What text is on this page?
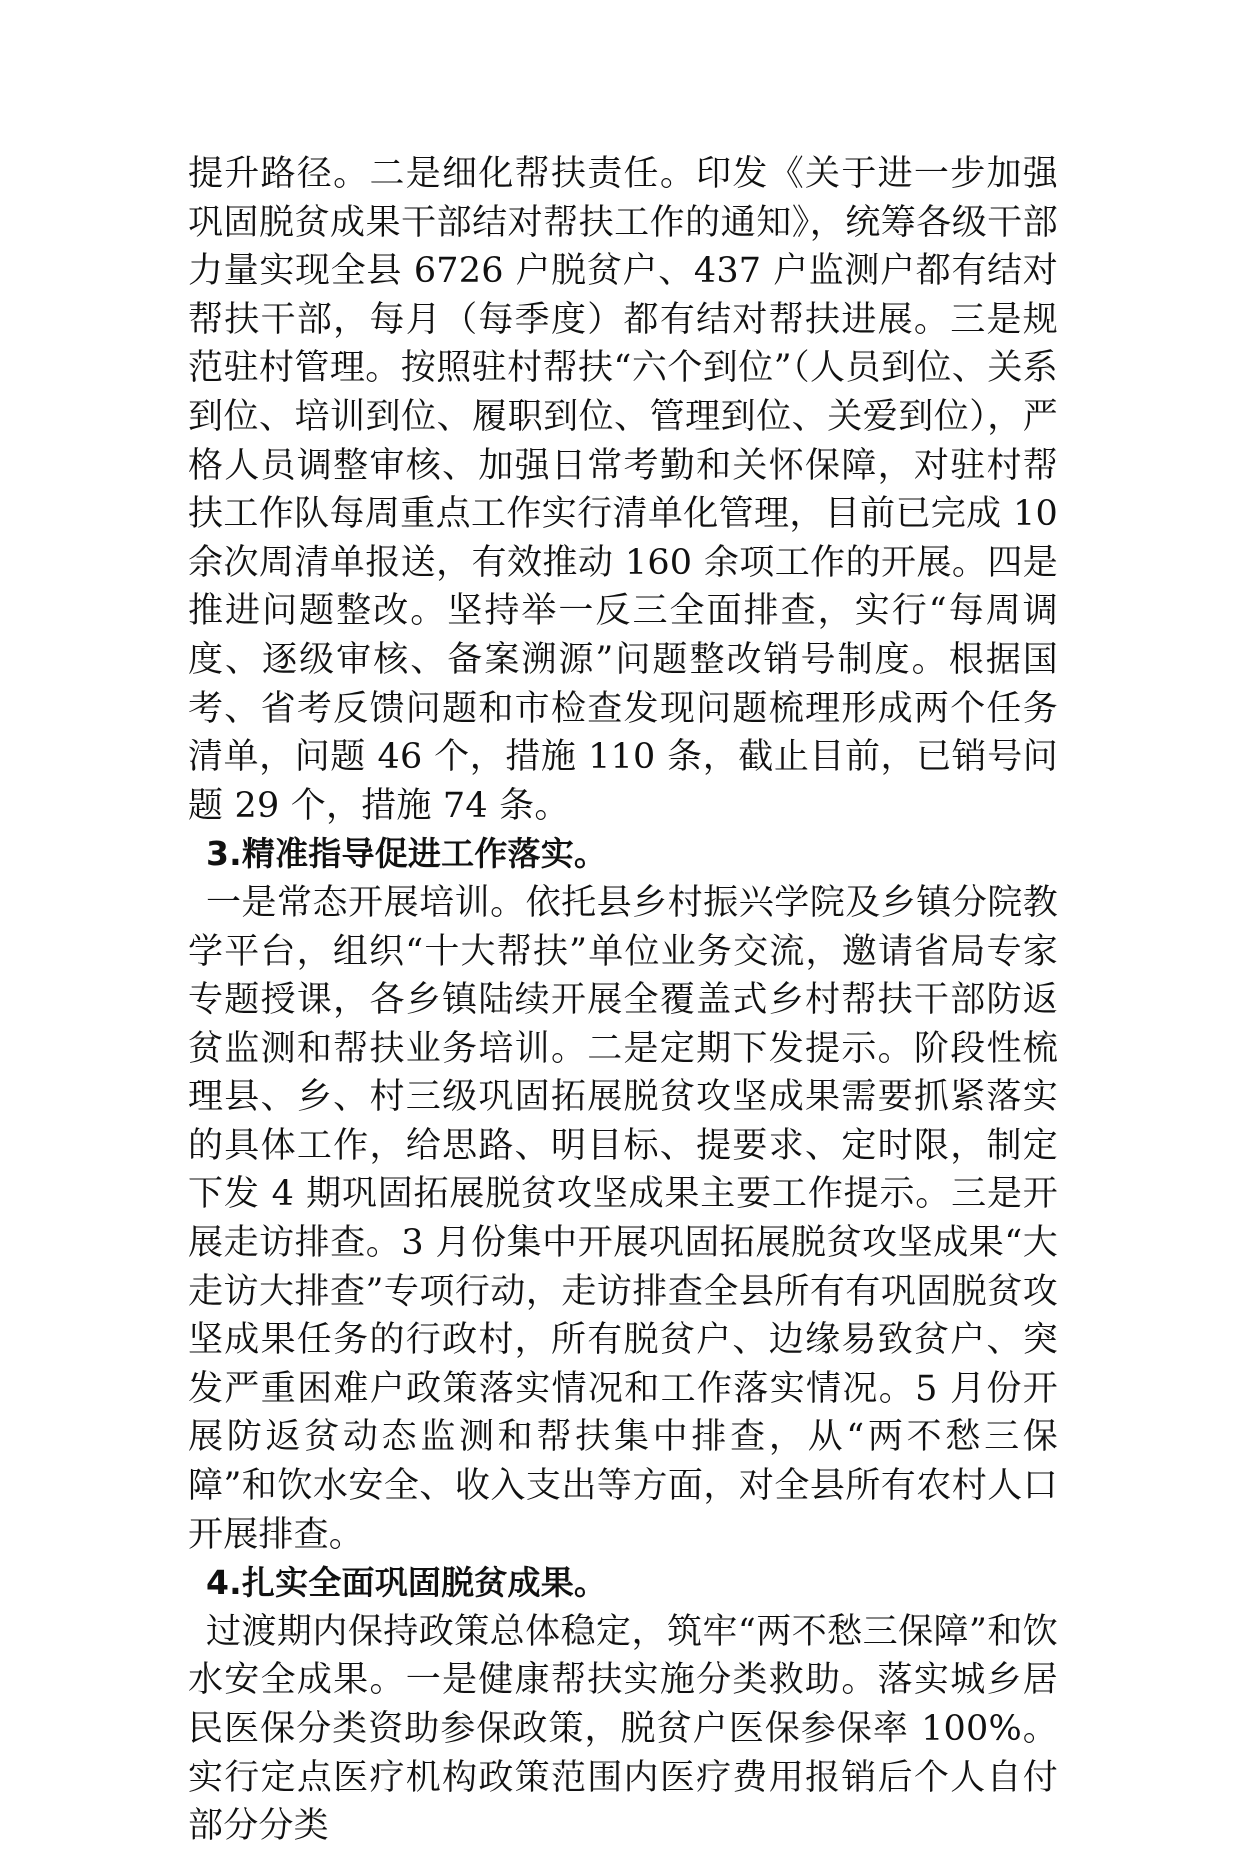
提升路径。二是细化帮扶责任。印发《关于进一步加强巩固脱贫成果干部结对帮扶工作的通知》，统筹各级干部力量实现全县 6726 户脱贫户、437 户监测户都有结对帮扶干部，每月（每季度）都有结对帮扶进展。三是规范驻村管理。按照驻村帮扶“六个到位”（人员到位、关系到位、培训到位、履职到位、管理到位、关爱到位），严格人员调整审核、加强日常考勤和关怀保障，对驻村帮扶工作队每周重点工作实行清单化管理，目前已完成 10 余次周清单报送，有效推动 160 余项工作的开展。四是推进问题整改。坚持举一反三全面排查，实行“每周调度、逐级审核、备案溯源”问题整改销号制度。根据国考、省考反馈问题和市检查发现问题梳理形成两个任务清单，问题 46 个，措施 110 条，截止目前，已销号问题 29 个，措施 74 条。

3.精准指导促进工作落实。

一是常态开展培训。依托县乡村振兴学院及乡镇分院教学平台，组织“十大帮扶”单位业务交流，邀请省局专家专题授课，各乡镇陆续开展全覆盖式乡村帮扶干部防返贫监测和帮扶业务培训。二是定期下发提示。阶段性梳理县、乡、村三级巩固拓展脱贫攻坚成果需要抓紧落实的具体工作，给思路、明目标、提要求、定时限，制定下发 4 期巩固拓展脱贫攻坚成果主要工作提示。三是开展走访排查。3 月份集中开展巩固拓展脱贫攻坚成果“大走访大排查”专项行动，走访排查全县所有有巩固脱贫攻坚成果任务的行政村，所有脱贫户、边缘易致贫户、突发严重困难户政策落实情况和工作落实情况。5 月份开展防返贫动态监测和帮扶集中排查，从“两不愁三保障”和饮水安全、收入支出等方面，对全县所有农村人口开展排查。

4.扎实全面巩固脱贫成果。

过渡期内保持政策总体稳定，筑牢“两不愁三保障”和饮水安全成果。一是健康帮扶实施分类救助。落实城乡居民医保分类资助参保政策，脱贫户医保参保率 100%。实行定点医疗机构政策范围内医疗费用报销后个人自付部分分类
